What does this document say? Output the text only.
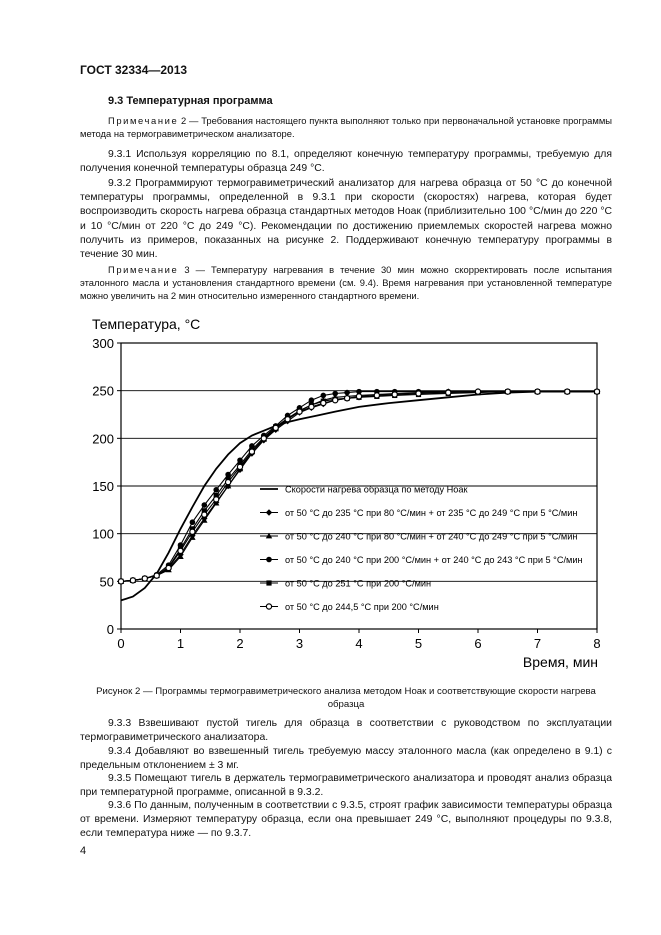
ГОСТ 32334—2013
9.3 Температурная программа
Примечание 2 — Требования настоящего пункта выполняют только при первоначальной установке программы метода на термогравиметрическом анализаторе.
9.3.1 Используя корреляцию по 8.1, определяют конечную температуру программы, требуемую для получения конечной температуры образца 249 °С.
9.3.2 Программируют термогравиметрический анализатор для нагрева образца от 50 °С до конечной температуры программы, определенной в 9.3.1 при скорости (скоростях) нагрева, которая будет воспроизводить скорость нагрева образца стандартных методов Ноак (приблизительно 100 °С/мин до 220 °С и 10 °С/мин от 220 °С до 249 °С). Рекомендации по достижению приемлемых скоростей нагрева можно получить из примеров, показанных на рисунке 2. Поддерживают конечную температуру программы в течение 30 мин.
Примечание 3 — Температуру нагревания в течение 30 мин можно скорректировать после испытания эталонного масла и установления стандартного времени (см. 9.4). Время нагревания при установленной температуре можно увеличить на 2 мин относительно измеренного стандартного времени.
0
50
100
150
200
250
300
0	1	2	3	4	5	6	7	8
Скорости нагрева образца по методу Ноак
от 50 °С до 235 °С при 80 °С/мин + от 235 °С до 249 °С при 5 °С/мин
от 50 °С до 240 °С при 80 °С/мин + от 240 °С до 249 °С при 5 °С/мин
от 50 °С до 240 °С при 200 °С/мин + от 240 °С до 243 °С при 5 °С/мин
от 50 °С до 251 °С при 200 °С/мин
от 50 °С до 244,5 °С при 200 °С/мин
Температура, °С
Время, мин
Рисунок 2 — Программы термогравиметрического анализа методом Ноак и соответствующие скорости нагрева образца
9.3.3 Взвешивают пустой тигель для образца в соответствии с руководством по эксплуатации термогравиметрического анализатора.
9.3.4 Добавляют во взвешенный тигель требуемую массу эталонного масла (как определено в 9.1) с предельным отклонением ± 3 мг.
9.3.5 Помещают тигель в держатель термогравиметрического анализатора и проводят анализ образца при температурной программе, описанной в 9.3.2.
9.3.6 По данным, полученным в соответствии с 9.3.5, строят график зависимости температуры образца от времени. Измеряют температуру образца, если она превышает 249 °С, выполняют процедуры по 9.3.8, если температура ниже — по 9.3.7.
4
